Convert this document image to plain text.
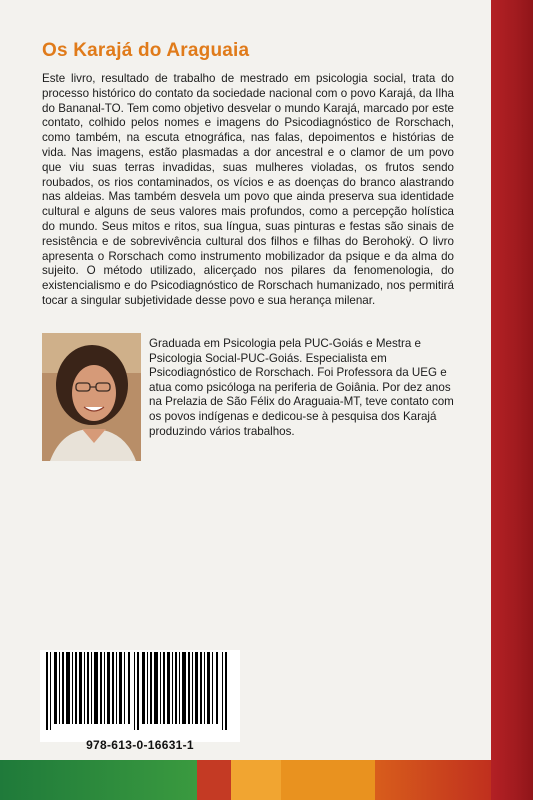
Os Karajá do Araguaia

Este livro, resultado de trabalho de mestrado em psicologia social, trata do processo histórico do contato da sociedade nacional com o povo Karajá, da Ilha do Bananal-TO. Tem como objetivo desvelar o mundo Karajá, marcado por este contato, colhido pelos nomes e imagens do Psicodiagnóstico de Rorschach, como também, na escuta etnográfica, nas falas, depoimentos e histórias de vida. Nas imagens, estão plasmadas a dor ancestral e o clamor de um povo que viu suas terras invadidas, suas mulheres violadas, os frutos sendo roubados, os rios contaminados, os vícios e as doenças do branco alastrando nas aldeias. Mas também desvela um povo que ainda preserva sua identidade cultural e alguns de seus valores mais profundos, como a percepção holística do mundo. Seus mitos e ritos, sua língua, suas pinturas e festas são sinais de resistência e de sobrevivência cultural dos filhos e filhas do Berohokÿ. O livro apresenta o Rorschach como instrumento mobilizador da psique e da alma do sujeito. O método utilizado, alicerçado nos pilares da fenomenologia, do existencialismo e do Psicodiagnóstico de Rorschach humanizado, nos permitirá tocar a singular subjetividade desse povo e sua herança milenar.

Graduada em Psicologia pela PUC-Goiás e Mestra e Psicologia Social-PUC-Goiás. Especialista em Psicodiagnóstico de Rorschach. Foi Professora da UEG e atua como psicóloga na periferia de Goiânia. Por dez anos na Prelazia de São Félix do Araguaia-MT, teve contato com os povos indígenas e dedicou-se à pesquisa dos Karajá produzindo vários trabalhos.

978-613-0-16631-1
